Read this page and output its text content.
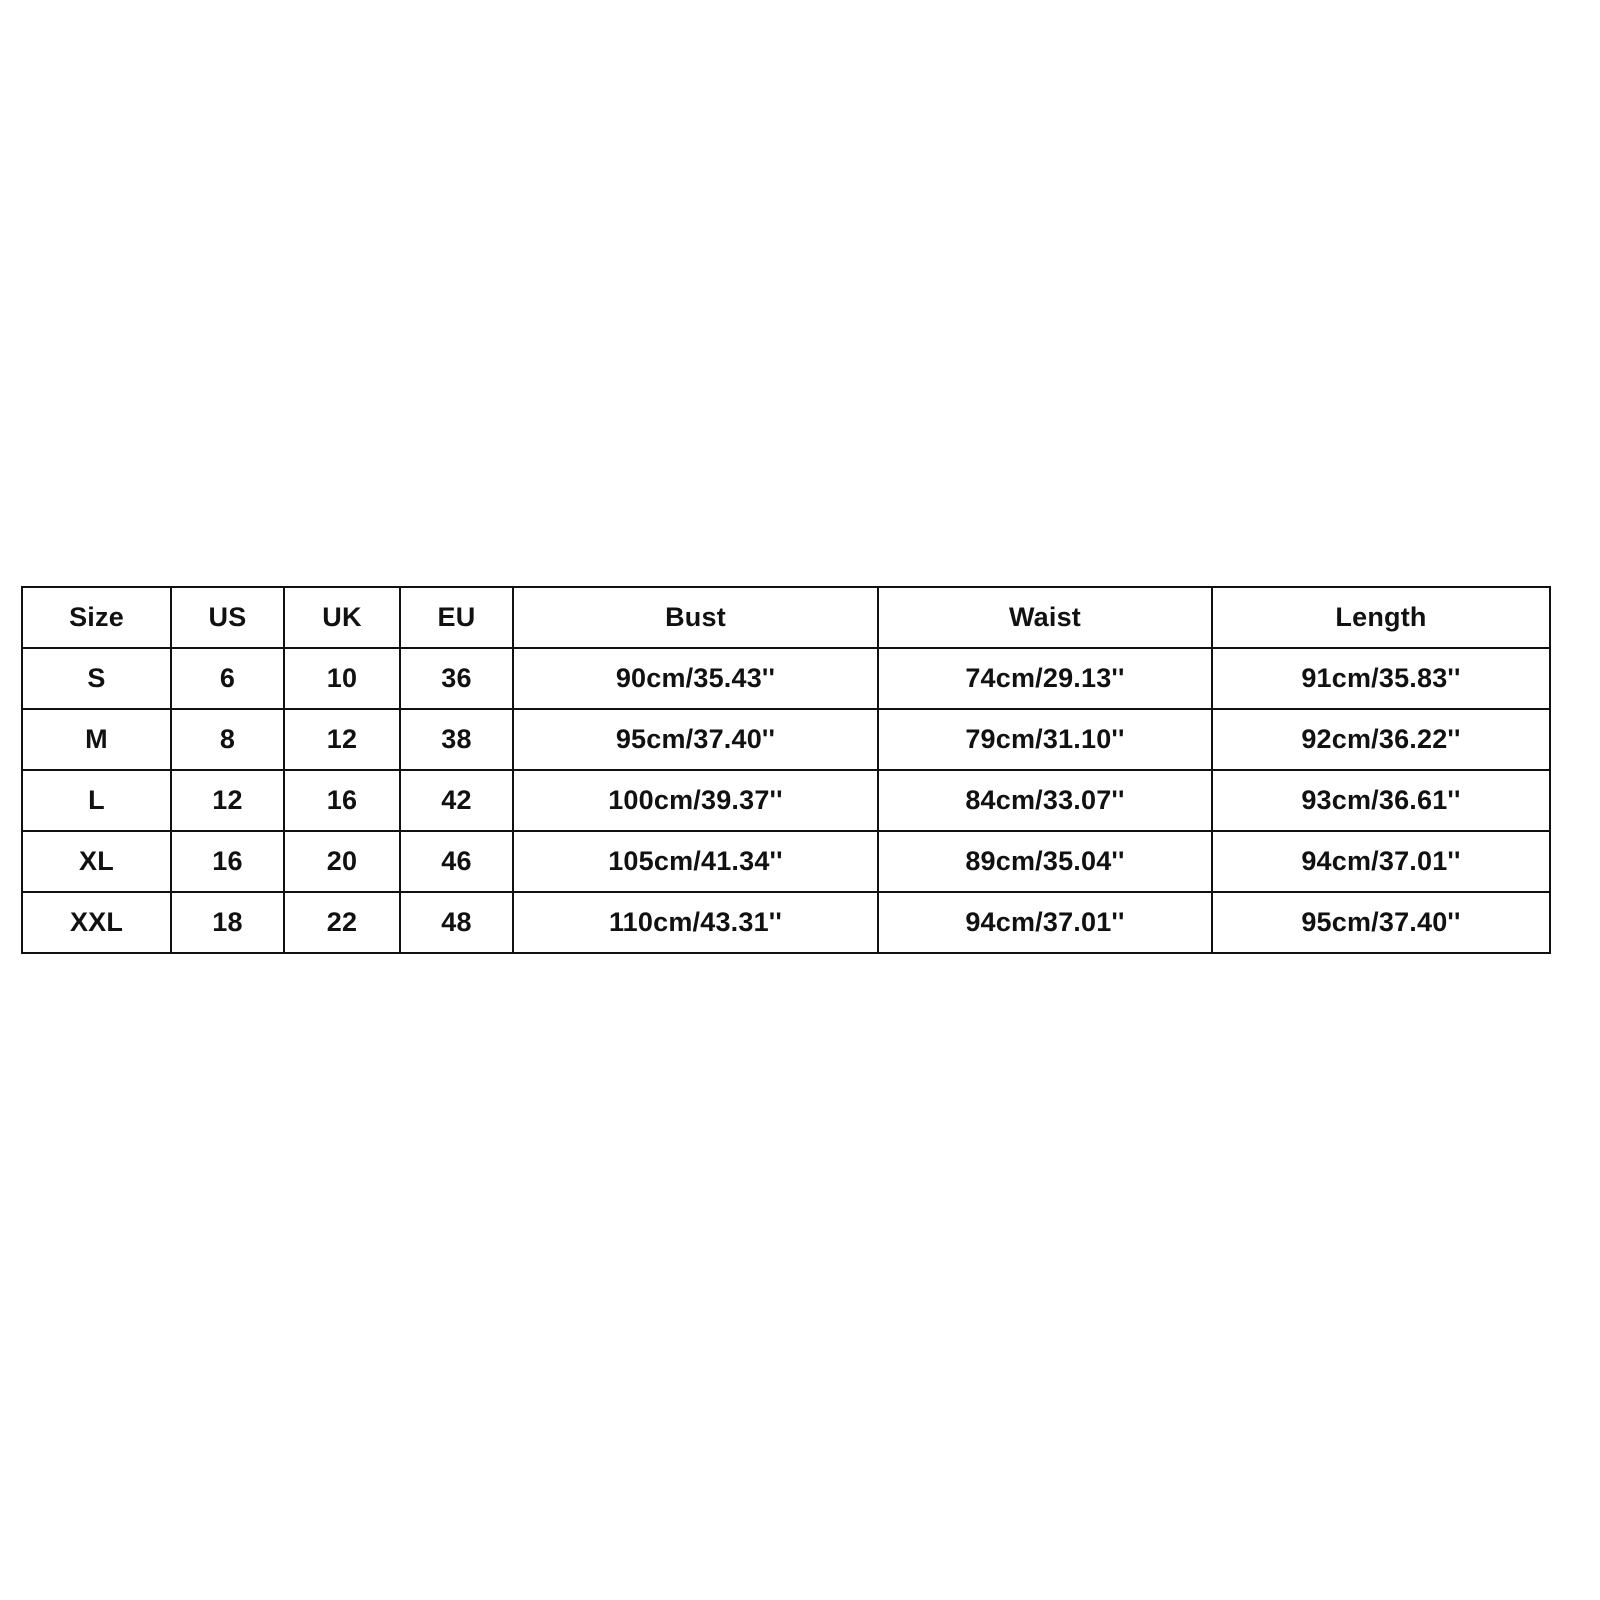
Size	US	UK	EU	Bust	Waist	Length
S	6	10	36	90cm/35.43''	74cm/29.13''	91cm/35.83''
M	8	12	38	95cm/37.40''	79cm/31.10''	92cm/36.22''
L	12	16	42	100cm/39.37''	84cm/33.07''	93cm/36.61''
XL	16	20	46	105cm/41.34''	89cm/35.04''	94cm/37.01''
XXL	18	22	48	110cm/43.31''	94cm/37.01''	95cm/37.40''
